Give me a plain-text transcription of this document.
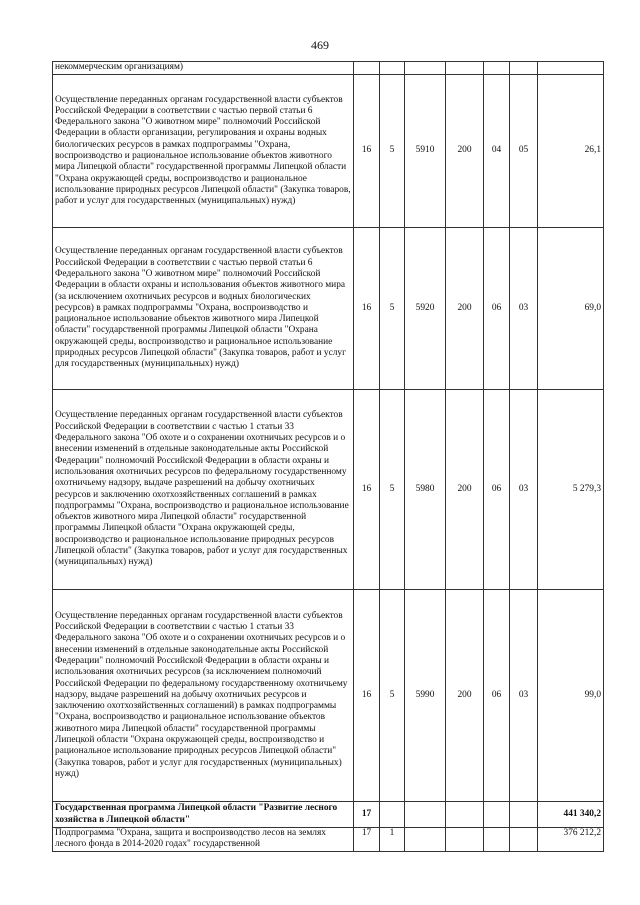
469
некоммерческим организациям)							
Осуществление переданных органам государственной власти субъектов Российской Федерации в соответствии с частью первой статьи 6 Федерального закона "О животном мире" полномочий Российской Федерации в области организации, регулирования и охраны водных биологических ресурсов в рамках подпрограммы "Охрана, воспроизводство и рациональное использование объектов животного мира Липецкой области" государственной программы Липецкой области "Охрана окружающей среды, воспроизводство и рациональное использование природных ресурсов Липецкой области" (Закупка товаров, работ и услуг для государственных (муниципальных) нужд)	16	5	5910	200	04	05	26,1
Осуществление переданных органам государственной власти субъектов Российской Федерации в соответствии с частью первой статьи 6 Федерального закона "О животном мире" полномочий Российской Федерации в области охраны и использования объектов животного мира (за исключением охотничьих ресурсов и водных биологических ресурсов) в рамках подпрограммы "Охрана, воспроизводство и рациональное использование объектов животного мира Липецкой области" государственной программы Липецкой области "Охрана окружающей среды, воспроизводство и рациональное использование природных ресурсов Липецкой области" (Закупка товаров, работ и услуг для государственных (муниципальных) нужд)	16	5	5920	200	06	03	69,0
Осуществление переданных органам государственной власти субъектов Российской Федерации в соответствии с частью 1 статьи 33 Федерального закона "Об охоте и о сохранении охотничьих ресурсов и о внесении изменений в отдельные законодательные акты Российской Федерации" полномочий Российской Федерации в области охраны и использования охотничьих ресурсов по федеральному государственному охотничьему надзору, выдаче разрешений на добычу охотничьих ресурсов и заключению охотхозяйственных соглашений в рамках подпрограммы "Охрана, воспроизводство и рациональное использование объектов животного мира Липецкой области" государственной программы Липецкой области "Охрана окружающей среды, воспроизводство и рациональное использование природных ресурсов Липецкой области" (Закупка товаров, работ и услуг для государственных (муниципальных) нужд)	16	5	5980	200	06	03	5 279,3
Осуществление переданных органам государственной власти субъектов Российской Федерации в соответствии с частью 1 статьи 33 Федерального закона "Об охоте и о сохранении охотничьих ресурсов и о внесении изменений в отдельные законодательные акты Российской Федерации" полномочий Российской Федерации в области охраны и использования охотничьих ресурсов (за исключением полномочий Российской Федерации по федеральному государственному охотничьему надзору, выдаче разрешений на добычу охотничьих ресурсов и заключению охотхозяйственных соглашений) в рамках подпрограммы "Охрана, воспроизводство и рациональное использование объектов животного мира Липецкой области" государственной программы Липецкой области "Охрана окружающей среды, воспроизводство и рациональное использование природных ресурсов Липецкой области" (Закупка товаров, работ и услуг для государственных (муниципальных) нужд)	16	5	5990	200	06	03	99,0
Государственная программа Липецкой области "Развитие лесного хозяйства в Липецкой области"	17						441 340,2
Подпрограмма "Охрана, защита и воспроизводство лесов на землях лесного фонда в 2014-2020 годах" государственной	17	1					376 212,2
